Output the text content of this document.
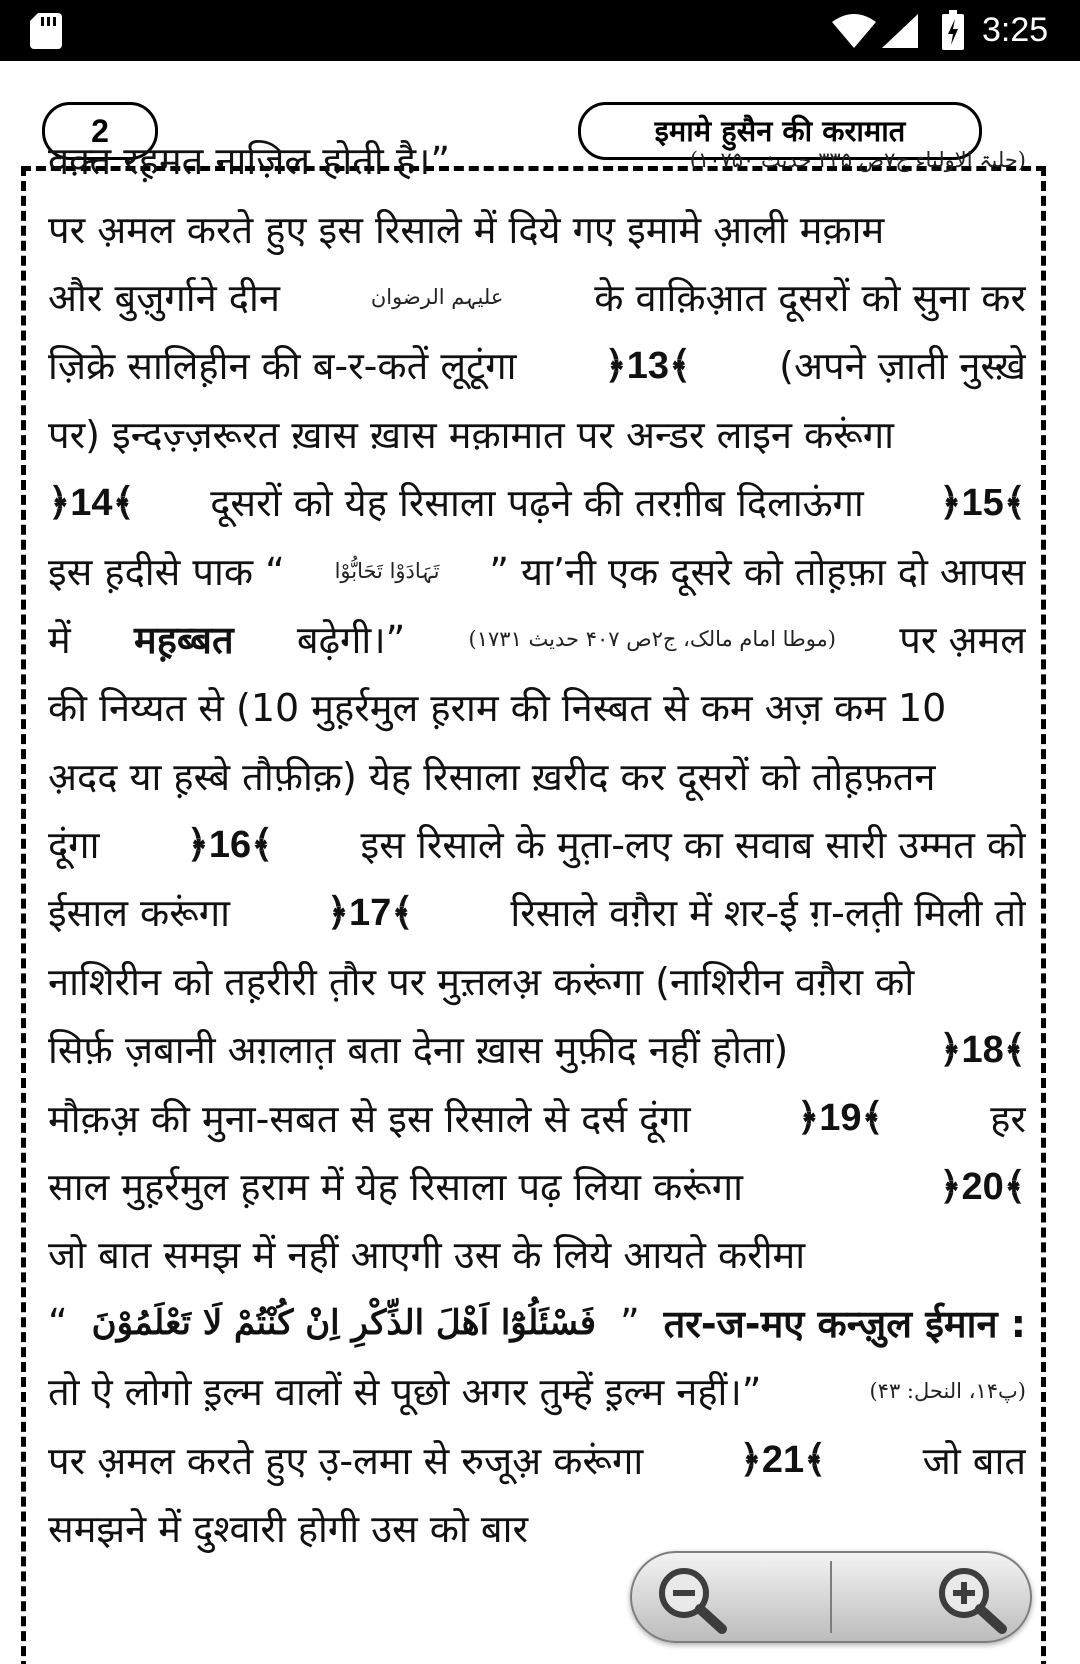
3:25
2	इमामे हुसैन की करामात
वक़्त रह़मत नाज़िल होती है।”	(حلیۃ الاولیاء ج۷ص ۳۳۵ حدیث ۱۰۷۵۰)
पर अ़मल करते हुए इस रिसाले में दिये गए इमामे आ़ली मक़ाम
और बुज़ुर्गाने दीन	علیہم الرضوان के वाक़िआ़त दूसरों को सुना कर
ज़िक्रे सालिह़ीन की ब-र-कतें लूटूंगा ﴿13﴾ (अपने ज़ाती नुस्ख़े
पर) इन्दज़्ज़रूरत ख़ास ख़ास मक़ामात पर अन्डर लाइन करूंगा
﴿14﴾ दूसरों को येह रिसाला पढ़ने की तरग़ीब दिलाऊंगा ﴿15﴾
इस ह़दीसे पाक “ تَہَادَوْا تَحَابُّوْا ” या’नी एक दूसरे को तोह़फ़ा दो आपस
में मह़ब्बत बढ़ेगी।”	(موطا امام مالک، ج۲ص ۴۰۷ حدیث ۱۷۳۱) पर अ़मल
की निय्यत से (10 मुह़र्रमुल ह़राम की निस्बत से कम अज़ कम 10
अ़दद या ह़स्बे तौफ़ीक़) येह रिसाला ख़रीद कर दूसरों को तोह़फ़तन
दूंगा ﴿16﴾ इस रिसाले के मुत़ा-लए का सवाब सारी उम्मत को
ईसाल करूंगा	﴿17﴾	रिसाले वग़ैरा में शर-ई ग़-लत़ी मिली तो
नाशिरीन को तह़रीरी त़ौर पर मुत्त़लअ़ करूंगा (नाशिरीन वग़ैरा को
सिर्फ़ ज़बानी अग़लात़ बता देना ख़ास मुफ़ीद नहीं होता)	﴿18﴾
मौक़अ़ की मुना-सबत से इस रिसाले से दर्स दूंगा	﴿19﴾	हर
साल मुह़र्रमुल ह़राम में येह रिसाला पढ़ लिया करूंगा	﴿20﴾
जो बात समझ में नहीं आएगी उस के लिये आयते करीमा
“ فَسْئَلُوْٓا اَهْلَ الذِّكْرِ اِنْ كُنْتُمْ لَا تَعْلَمُوْنَ ” तर-ज-मए कन्ज़ुल ईमान :
तो ऐ लोगो इ़ल्म वालों से पूछो अगर तुम्हें इ़ल्म नहीं।”	(پ۱۴، النحل: ۴۳)
पर अ़मल करते हुए उ़-लमा से रुजूअ़ करूंगा	﴿21﴾	जो बात
समझने में दुश्वारी होगी उस को बार
